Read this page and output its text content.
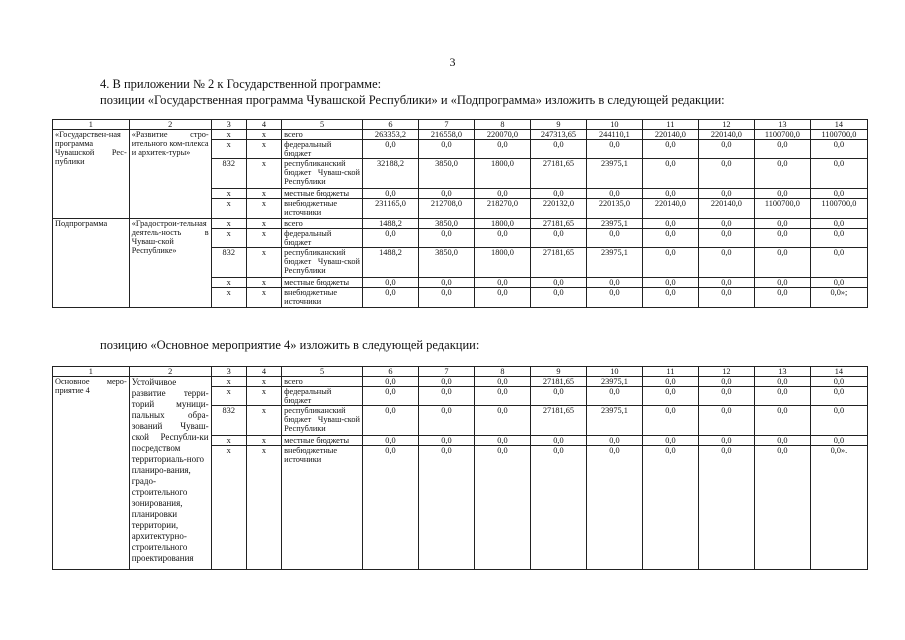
3
4. В приложении № 2 к Государственной программе:
позиции «Государственная программа Чувашской Республики» и «Подпрограмма» изложить в следующей редакции:
1	2	3	4	5	6	7	8	9	10	11	12	13	14
«Государствен-ная программа Чувашской Рес-публики	«Развитие стро-ительного ком-плекса и архитек-туры»	х	х	всего	263353,2	216558,0	220070,0	247313,65	244110,1	220140,0	220140,0	1100700,0	1100700,0
		х	х	федеральный бюджет	0,0	0,0	0,0	0,0	0,0	0,0	0,0	0,0	0,0
		832	х	республиканский бюджет Чуваш-ской Республики	32188,2	3850,0	1800,0	27181,65	23975,1	0,0	0,0	0,0	0,0
		х	х	местные бюджеты	0,0	0,0	0,0	0,0	0,0	0,0	0,0	0,0	0,0
		х	х	внебюджетные источники	231165,0	212708,0	218270,0	220132,0	220135,0	220140,0	220140,0	1100700,0	1100700,0
Подпрограмма	«Градострои-тельная деятель-ность в Чуваш-ской Республике»	х	х	всего	1488,2	3850,0	1800,0	27181,65	23975,1	0,0	0,0	0,0	0,0
		х	х	федеральный бюджет	0,0	0,0	0,0	0,0	0,0	0,0	0,0	0,0	0,0
		832	х	республиканский бюджет Чуваш-ской Республики	1488,2	3850,0	1800,0	27181,65	23975,1	0,0	0,0	0,0	0,0
		х	х	местные бюджеты	0,0	0,0	0,0	0,0	0,0	0,0	0,0	0,0	0,0
		х	х	внебюджетные источники	0,0	0,0	0,0	0,0	0,0	0,0	0,0	0,0	0,0»;
позицию «Основное мероприятие 4» изложить в следующей редакции:
1	2	3	4	5	6	7	8	9	10	11	12	13	14
Основное меро-приятие 4	Устойчивое развитие терри-торий муници-пальных обра-зований Чуваш-ской Республи-ки посредством территориаль-ного планиро-вания, градо-строительного зонирования, планировки территории, архитектурно-строительного проектирования	х	х	всего	0,0	0,0	0,0	27181,65	23975,1	0,0	0,0	0,0	0,0
		х	х	федеральный бюджет	0,0	0,0	0,0	0,0	0,0	0,0	0,0	0,0	0,0
		832	х	республиканский бюджет Чуваш-ской Республики	0,0	0,0	0,0	27181,65	23975,1	0,0	0,0	0,0	0,0
		х	х	местные бюджеты	0,0	0,0	0,0	0,0	0,0	0,0	0,0	0,0	0,0
		х	х	внебюджетные источники	0,0	0,0	0,0	0,0	0,0	0,0	0,0	0,0	0,0».
